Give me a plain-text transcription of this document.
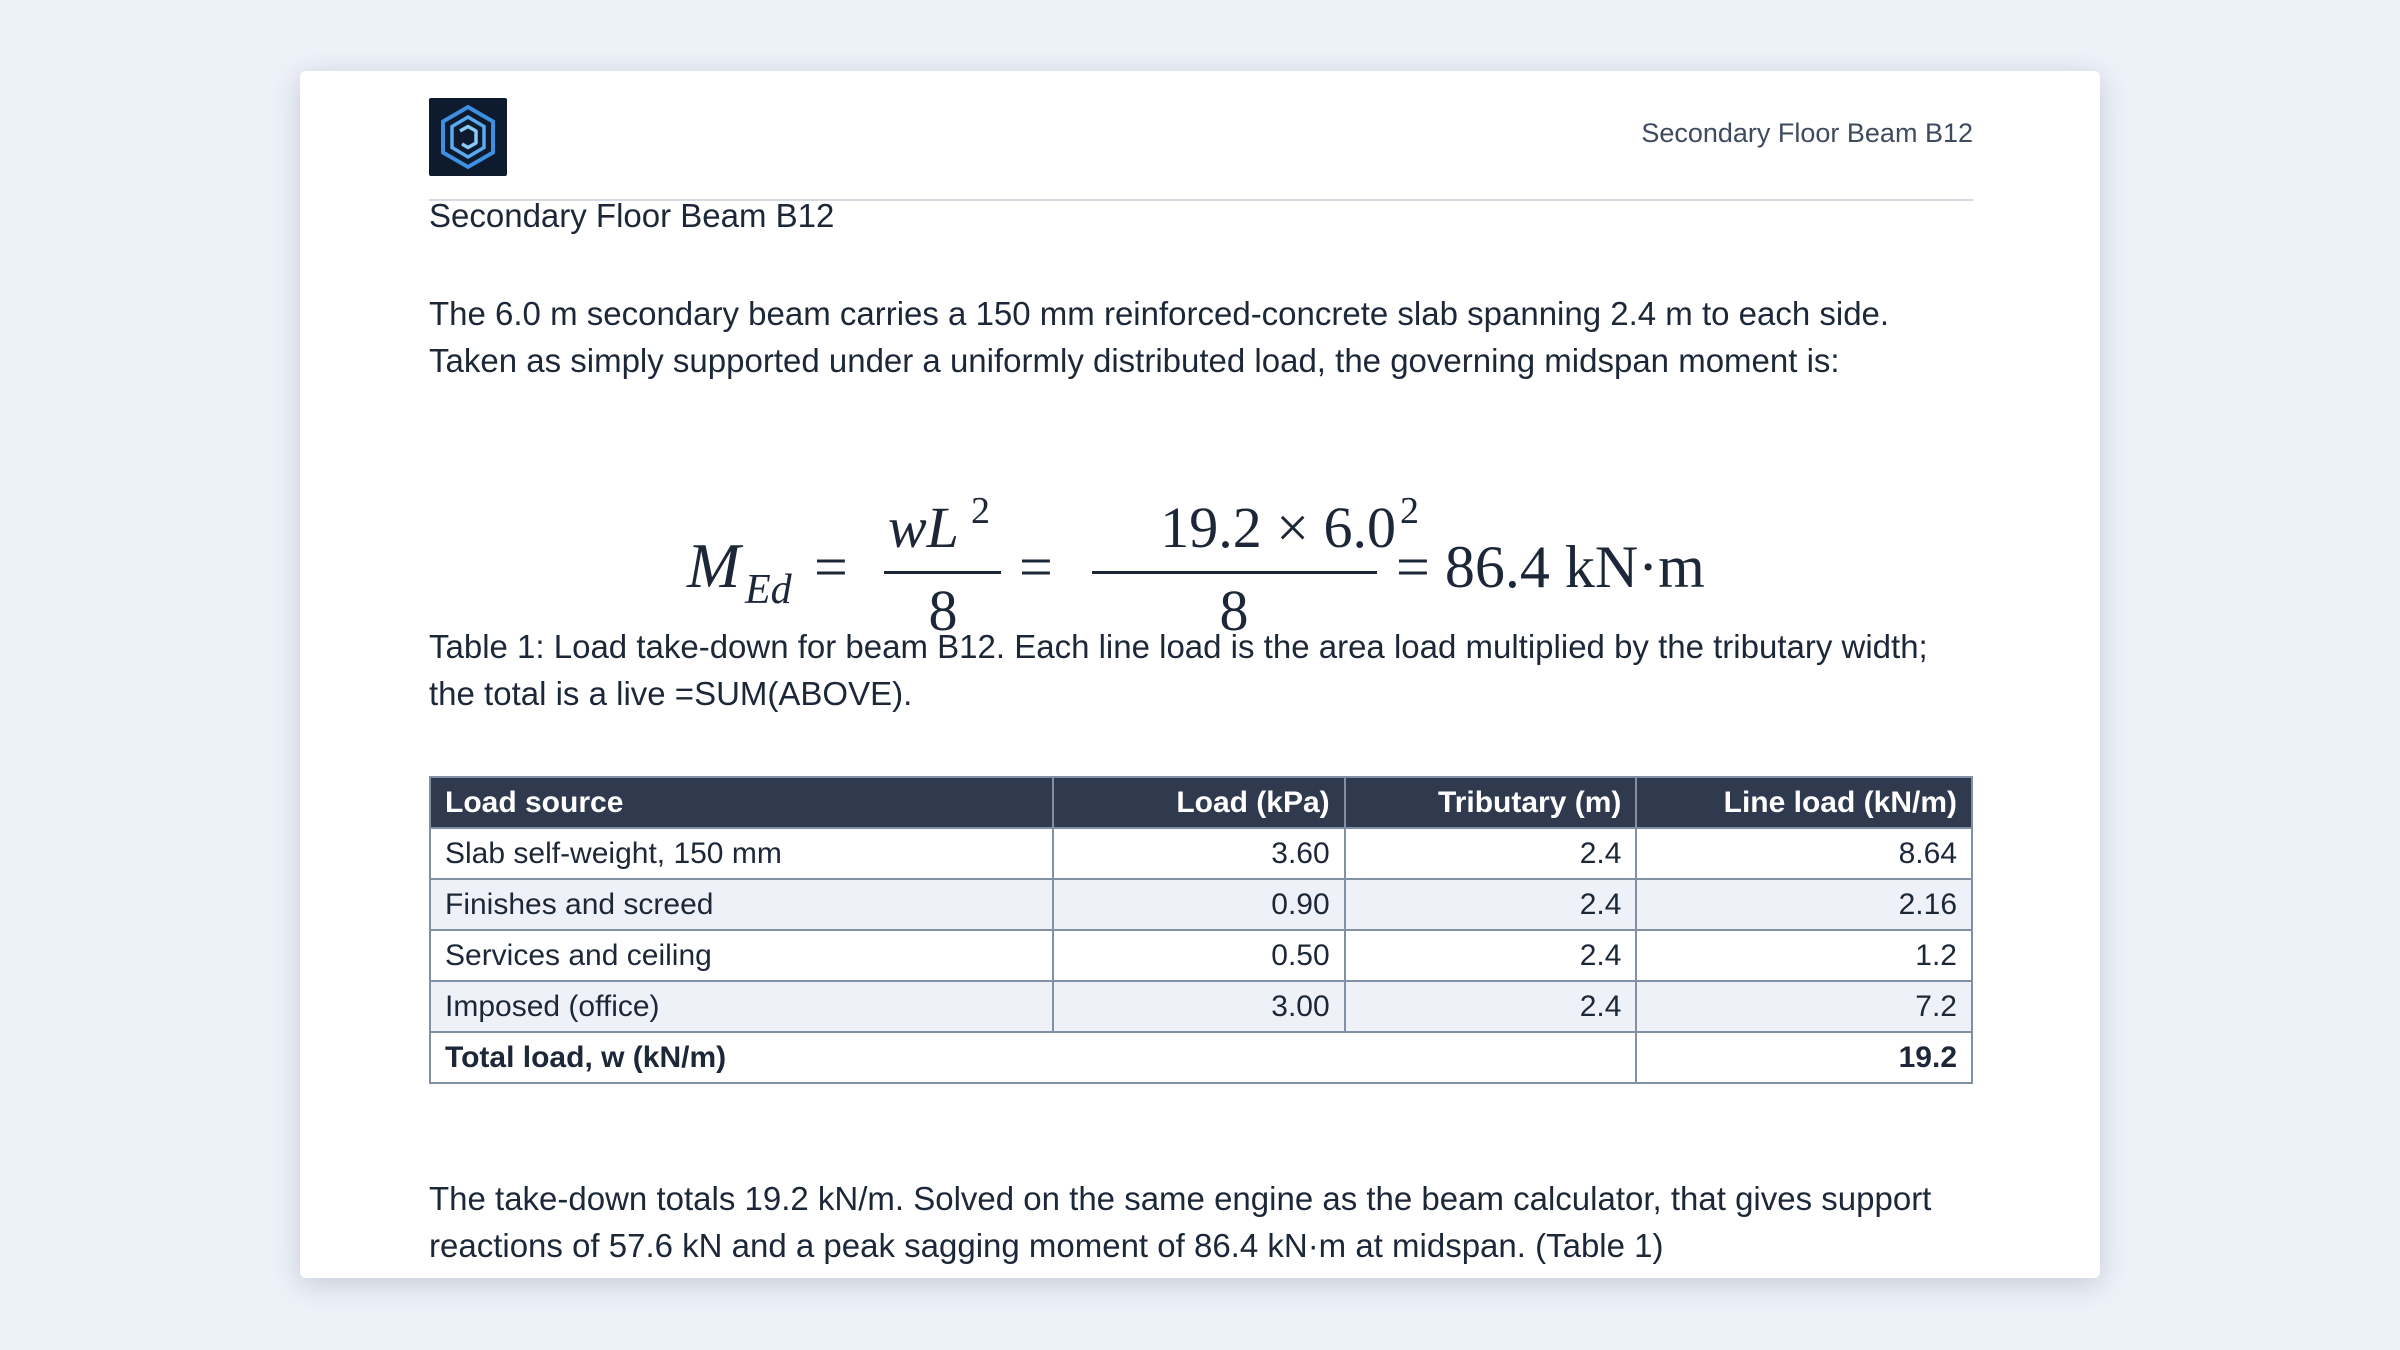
Secondary Floor Beam B12
Secondary Floor Beam B12

The 6.0 m secondary beam carries a 150 mm reinforced-concrete slab spanning 2.4 m to each side. Taken as simply supported under a uniformly distributed load, the governing midspan moment is:

M Ed =
wL 2
8
=
19.2 × 6.0 2
8
= 86.4 kN·m

Table 1: Load take-down for beam B12. Each line load is the area load multiplied by the tributary width; the total is a live =SUM(ABOVE).

Load source	Load (kPa)	Tributary (m)	Line load (kN/m)
Slab self-weight, 150 mm	3.60	2.4	8.64
Finishes and screed	0.90	2.4	2.16
Services and ceiling	0.50	2.4	1.2
Imposed (office)	3.00	2.4	7.2
Total load, w (kN/m)			19.2

The take-down totals 19.2 kN/m. Solved on the same engine as the beam calculator, that gives support reactions of 57.6 kN and a peak sagging moment of 86.4 kN·m at midspan. (Table 1)
